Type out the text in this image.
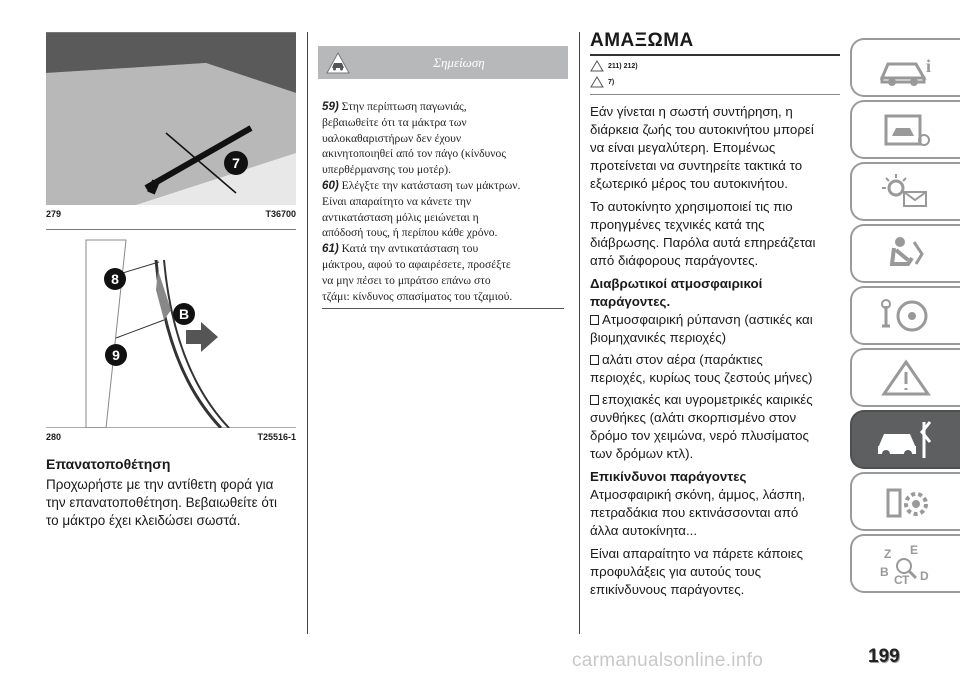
7
279	T36700
8
B
9
280	T25516-1
Επανατοποθέτηση
Προχωρήστε με την αντίθετη φορά για
την επανατοποθέτηση. Βεβαιωθείτε ότι
το μάκτρο έχει κλειδώσει σωστά.
Σημείωση
59) Στην περίπτωση παγωνιάς,
βεβαιωθείτε ότι τα μάκτρα των
υαλοκαθαριστήρων δεν έχουν
ακινητοποιηθεί από τον πάγο (κίνδυνος
υπερθέρμανσης του μοτέρ).
60) Ελέγξτε την κατάσταση των μάκτρων.
Είναι απαραίτητο να κάνετε την
αντικατάσταση μόλις μειώνεται η
απόδοσή τους, ή περίπου κάθε χρόνο.
61) Κατά την αντικατάσταση του
μάκτρου, αφού το αφαιρέσετε, προσέξτε
να μην πέσει το μπράτσο επάνω στο
τζάμι: κίνδυνος σπασίματος του τζαμιού.
ΑΜΑΞΩΜΑ
211) 212)
7)
Εάν γίνεται η σωστή συντήρηση, η
διάρκεια ζωής του αυτοκινήτου μπορεί
να είναι μεγαλύτερη. Επομένως
προτείνεται να συντηρείτε τακτικά το
εξωτερικό μέρος του αυτοκινήτου.
Το αυτοκίνητο χρησιμοποιεί τις πιο
προηγμένες τεχνικές κατά της
διάβρωσης. Παρόλα αυτά επηρεάζεται
από διάφορους παράγοντες.
Διαβρωτικοί ατμοσφαιρικοί
παράγοντες.
Ατμοσφαιρική ρύπανση (αστικές και
βιομηχανικές περιοχές)
αλάτι στον αέρα (παράκτιες
περιοχές, κυρίως τους ζεστούς μήνες)
εποχιακές και υγρομετρικές καιρικές
συνθήκες (αλάτι σκορπισμένο στον
δρόμο τον χειμώνα, νερό πλυσίματος
των δρόμων κτλ).
Επικίνδυνοι παράγοντες
Ατμοσφαιρική σκόνη, άμμος, λάσπη,
πετραδάκια που εκτινάσσονται από
άλλα αυτοκίνητα...
Είναι απαραίτητο να πάρετε κάποιες
προφυλάξεις για αυτούς τους
επικίνδυνους παράγοντες.
i
Z E
B
C T D
carmanualsonline.info	199
